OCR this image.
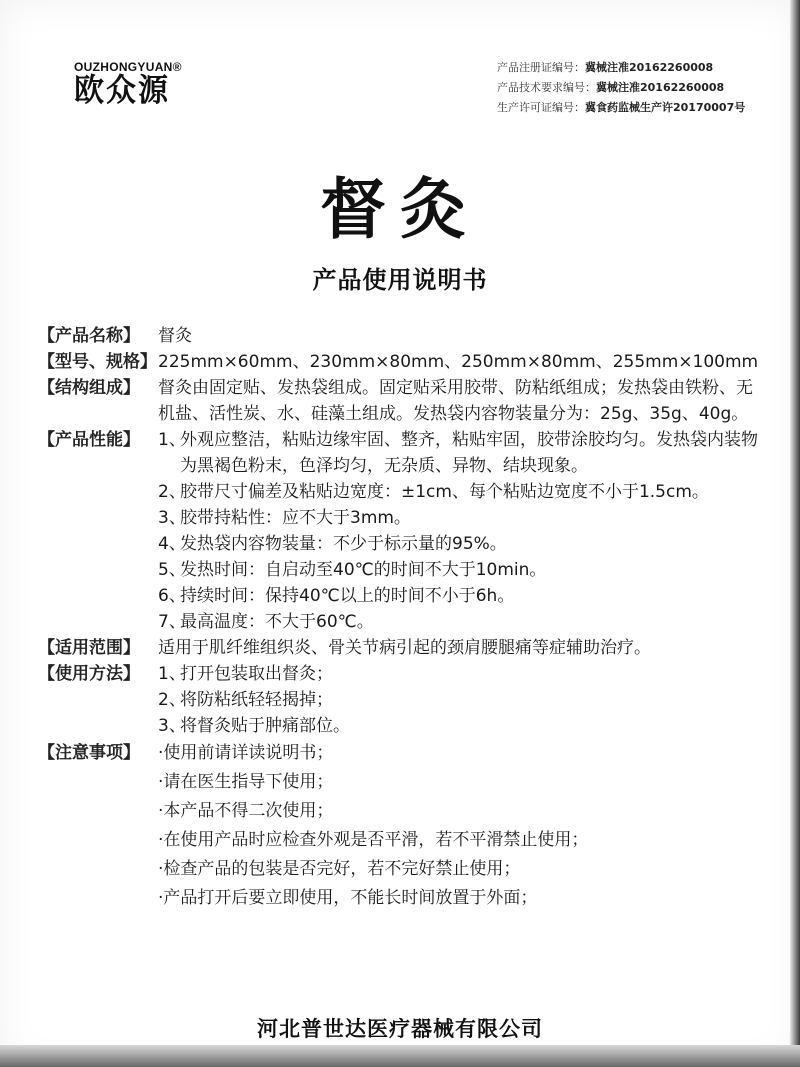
OUZHONGYUAN®
欧众源
产品注册证编号：冀械注准20162260008
产品技术要求编号：冀械注准20162260008
生产许可证编号：冀食药监械生产许20170007号
督灸
产品使用说明书
【产品名称】	督灸
【型号、规格】 225mm×60mm、230mm×80mm、250mm×80mm、255mm×100mm
【结构组成】	督灸由固定贴、发热袋组成。固定贴采用胶带、防粘纸组成；发热袋由铁粉、无机盐、活性炭、水、硅藻土组成。发热袋内容物装量分为：25g、35g、40g。
【产品性能】	1、
外观应整洁，粘贴边缘牢固、整齐，粘贴牢固，胶带涂胶均匀。发热袋内装物为黑褐色粉末，色泽均匀，无杂质、异物、结块现象。
2、
胶带尺寸偏差及粘贴边宽度：±1cm、每个粘贴边宽度不小于1.5cm。
3、
胶带持粘性：应不大于3mm。
4、
发热袋内容物装量：不少于标示量的95%。
5、
发热时间：自启动至40℃的时间不大于10min。
6、
持续时间：保持40℃以上的时间不小于6h。
7、
最高温度：不大于60℃。
【适用范围】	适用于肌纤维组织炎、骨关节病引起的颈肩腰腿痛等症辅助治疗。
【使用方法】	1、
打开包装取出督灸；
2、
将防粘纸轻轻揭掉；
3、
将督灸贴于肿痛部位。
【注意事项】	·使用前请详读说明书；
·请在医生指导下使用；
·本产品不得二次使用；
·在使用产品时应检查外观是否平滑，若不平滑禁止使用；
·检查产品的包装是否完好，若不完好禁止使用；
·产品打开后要立即使用，不能长时间放置于外面；
河北普世达医疗器械有限公司
